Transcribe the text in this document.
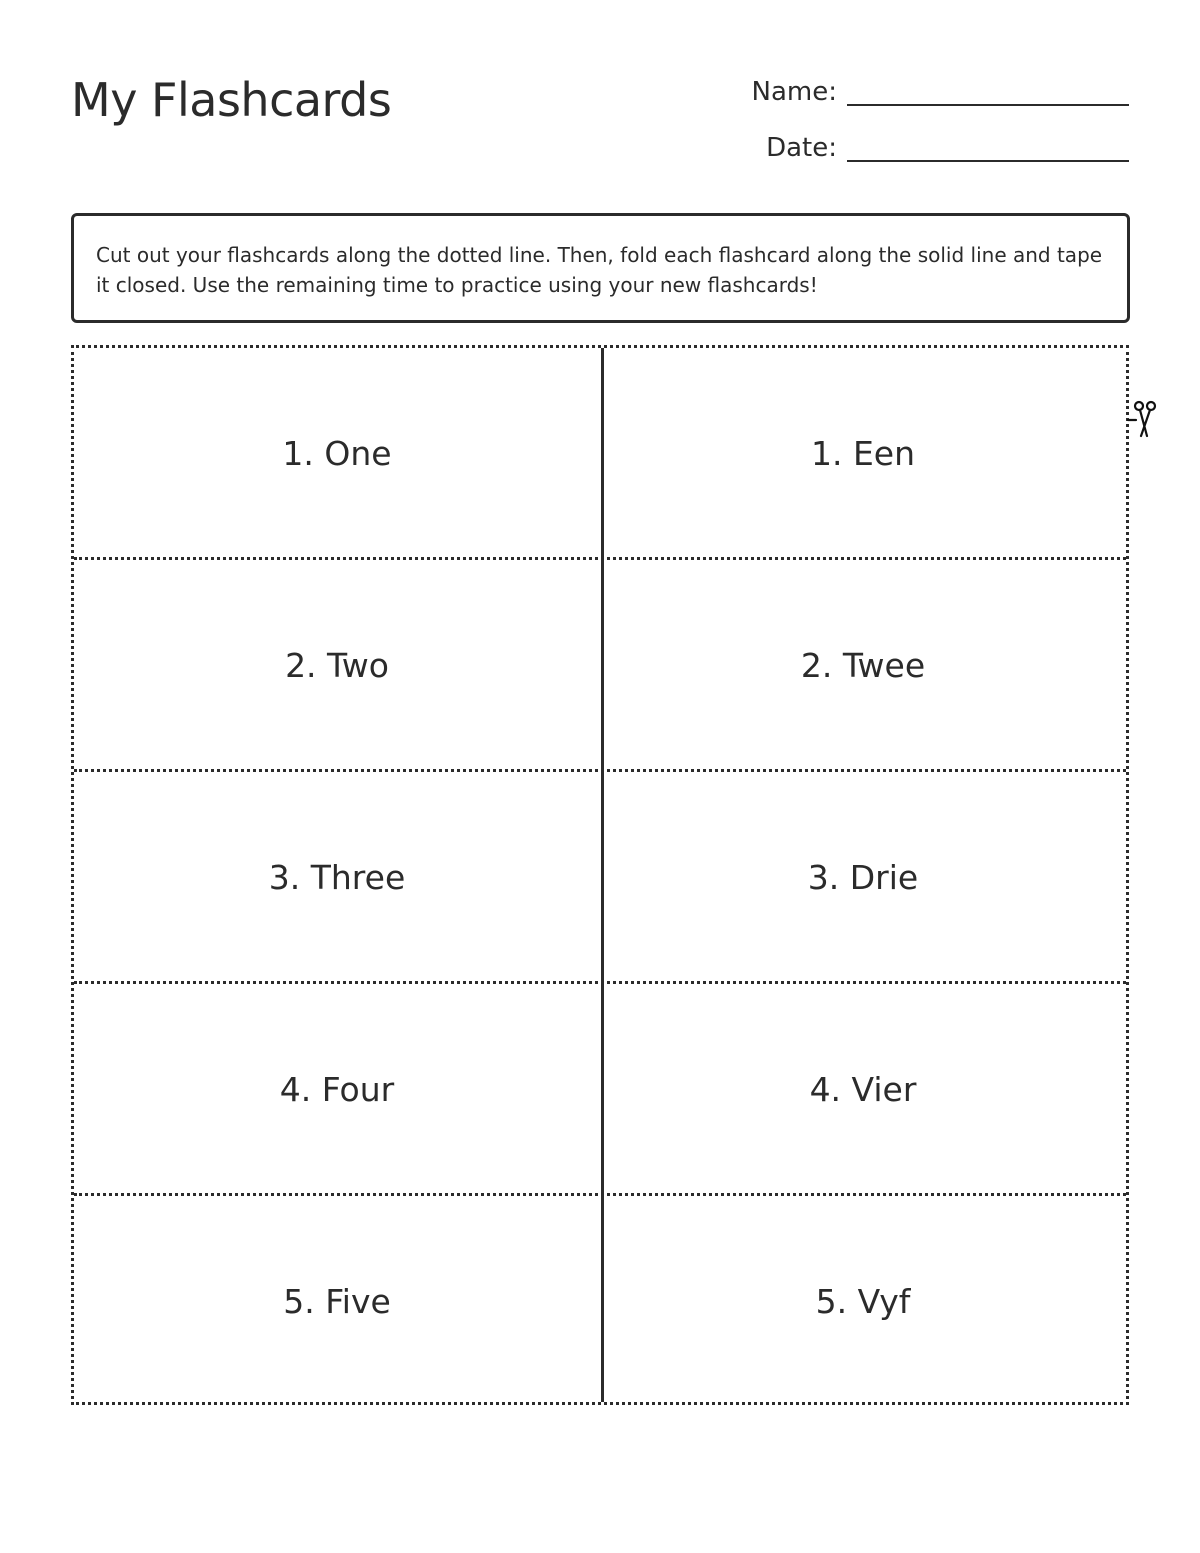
My Flashcards	Name:
Date:
Cut out your flashcards along the dotted line. Then, fold each flashcard along the solid line and tape it closed. Use the remaining time to practice using your new flashcards!
1. One	1. Een
2. Two	2. Twee
3. Three	3. Drie
4. Four	4. Vier
5. Five	5. Vyf
